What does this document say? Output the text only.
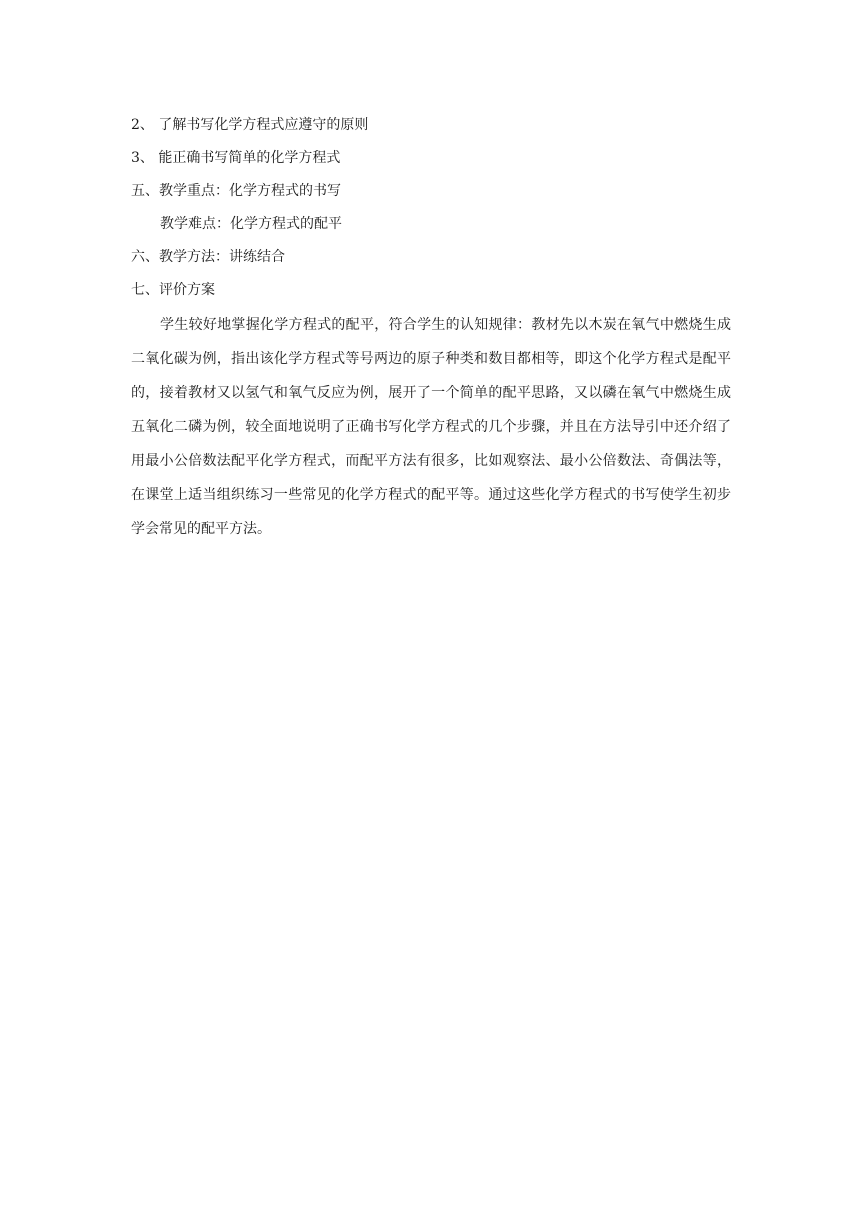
2、 了解书写化学方程式应遵守的原则
3、 能正确书写简单的化学方程式
五、教学重点：化学方程式的书写
教学难点：化学方程式的配平
六、教学方法：讲练结合
七、评价方案
学生较好地掌握化学方程式的配平，符合学生的认知规律：教材先以木炭在氧气中燃烧生成二氧化碳为例，指出该化学方程式等号两边的原子种类和数目都相等，即这个化学方程式是配平的，接着教材又以氢气和氧气反应为例，展开了一个简单的配平思路，又以磷在氧气中燃烧生成五氧化二磷为例，较全面地说明了正确书写化学方程式的几个步骤，并且在方法导引中还介绍了用最小公倍数法配平化学方程式，而配平方法有很多，比如观察法、最小公倍数法、奇偶法等，在课堂上适当组织练习一些常见的化学方程式的配平等。通过这些化学方程式的书写使学生初步学会常见的配平方法。
